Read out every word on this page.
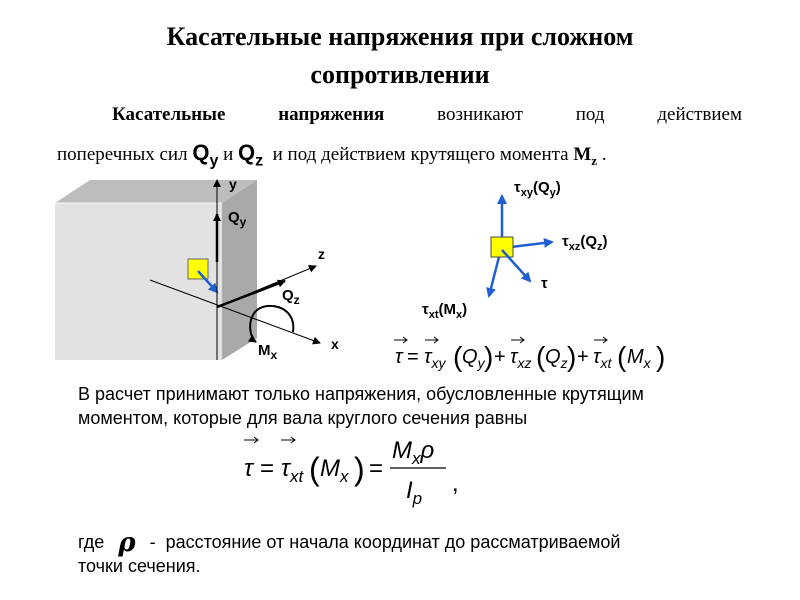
Касательные напряжения при сложном
сопротивлении
Касательные	напряжения	возникают	под	действием
поперечных сил $Q_y$ и $Q_z$ и под действием крутящего момента $M_z$ .
y
z
x
$Q_y$
$Q_z$
$M_x$
$\tau_{xy}(Q_y)$
$\tau_{xz}(Q_z)$
τ
$\tau_{xt}(M_x)$
$\tau = \tau_{xy}$ ( $Q_y$ ) + $\tau_{xz}$ ( $Q_z$ ) + $\tau_{xt}$ ( $M_x$ )
В расчет принимают только напряжения, обусловленные крутящим
моментом, которые для вала круглого сечения равны
$\tau = \tau_{xt}$ ( $M_x$ ) =
$M_x\rho$
$I_p$
,
где ρ - расстояние от начала координат до рассматриваемой
точки сечения.
